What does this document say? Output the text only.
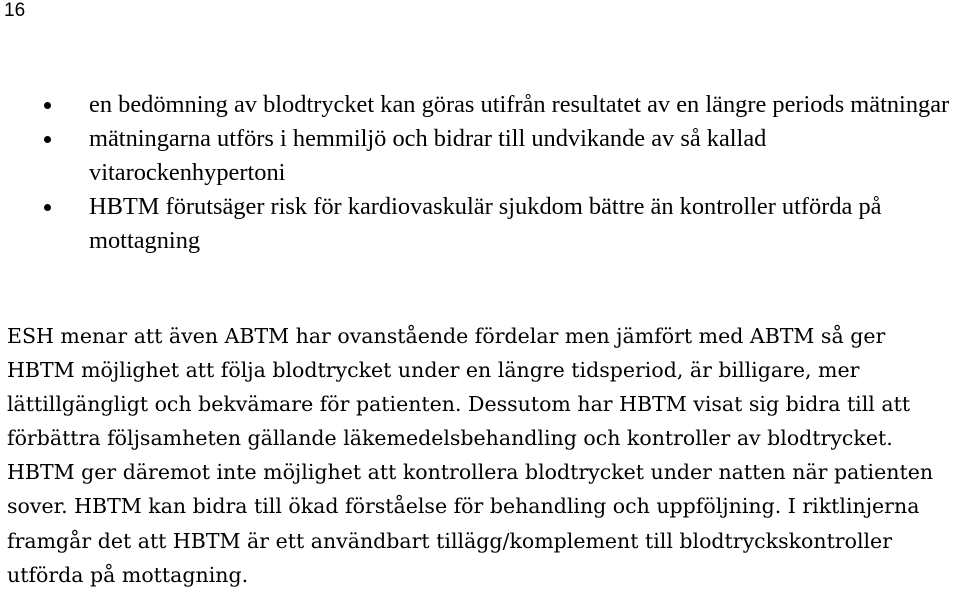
16
en bedömning av blodtrycket kan göras utifrån resultatet av en längre periods mätningar
mätningarna utförs i hemmiljö och bidrar till undvikande av så kallad vitarockenhypertoni
HBTM förutsäger risk för kardiovaskulär sjukdom bättre än kontroller utförda på mottagning

ESH menar att även ABTM har ovanstående fördelar men jämfört med ABTM så ger HBTM möjlighet att följa blodtrycket under en längre tidsperiod, är billigare, mer lättillgängligt och bekvämare för patienten. Dessutom har HBTM visat sig bidra till att förbättra följsamheten gällande läkemedelsbehandling och kontroller av blodtrycket. HBTM ger däremot inte möjlighet att kontrollera blodtrycket under natten när patienten sover. HBTM kan bidra till ökad förståelse för behandling och uppföljning. I riktlinjerna framgår det att HBTM är ett användbart tillägg/komplement till blodtryckskontroller utförda på mottagning.
